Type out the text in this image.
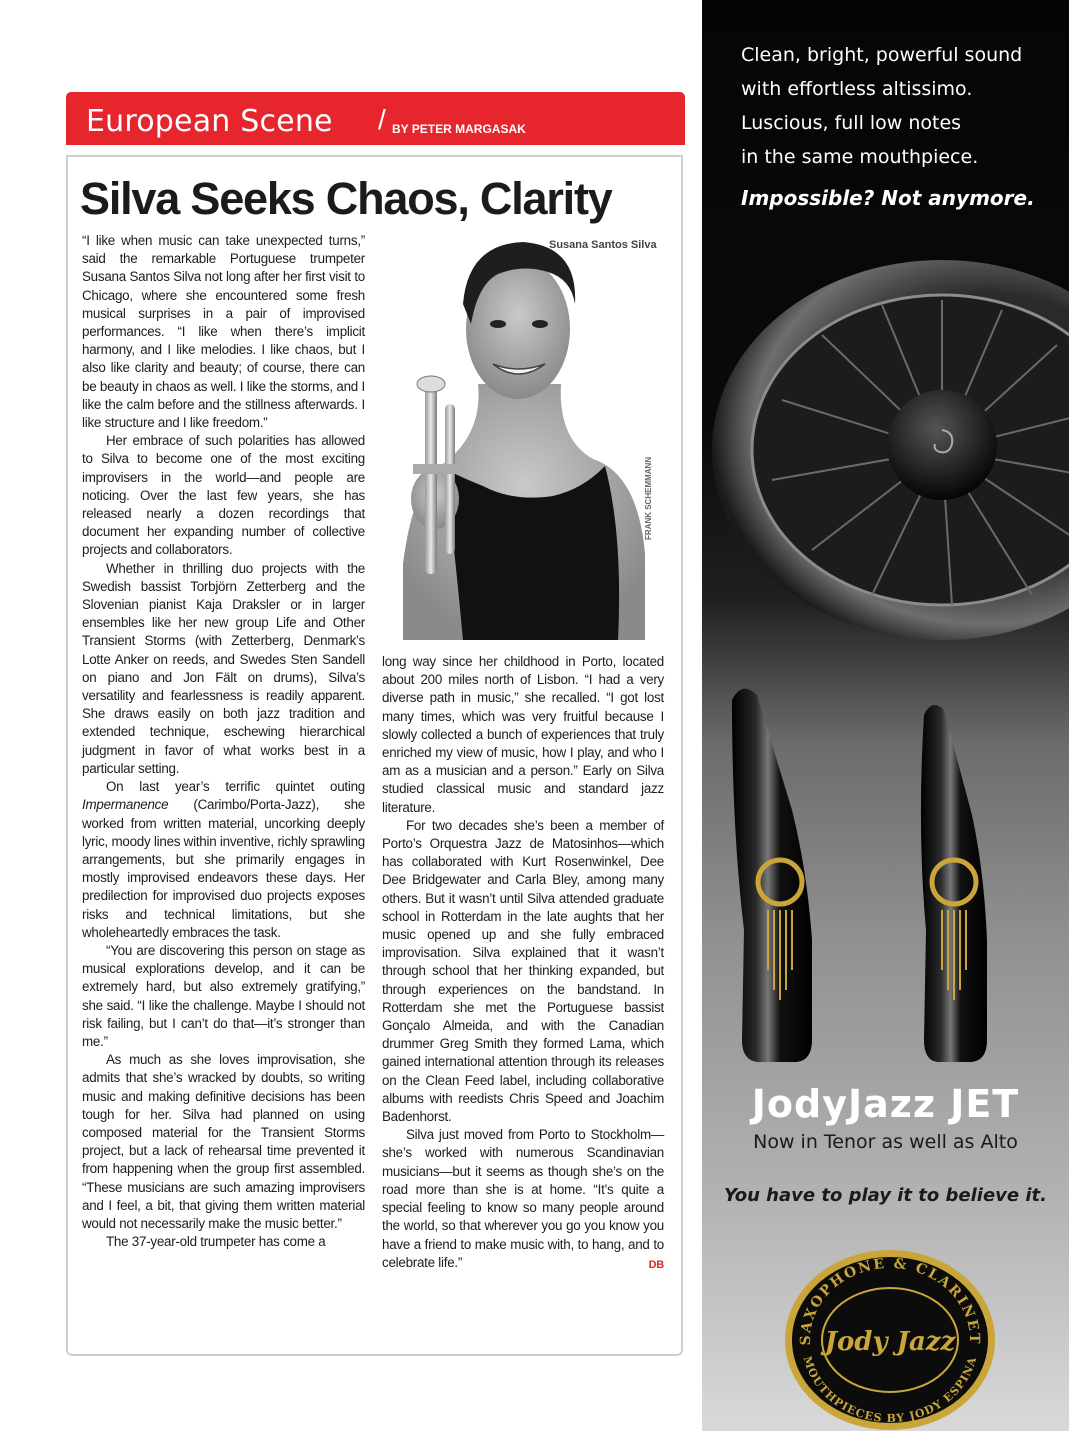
European Scene / BY PETER MARGASAK
Silva Seeks Chaos, Clarity
Susana Santos Silva
FRANK SCHEMMANN

“I like when music can take unexpected turns,” said the remarkable Portuguese trumpeter Susana Santos Silva not long after her first visit to Chicago, where she encountered some fresh musical surprises in a pair of improvised performances. “I like when there’s implicit harmony, and I like melodies. I like chaos, but I also like clarity and beauty; of course, there can be beauty in chaos as well. I like the storms, and I like the calm before and the stillness afterwards. I like structure and I like freedom.”

Her embrace of such polarities has allowed to Silva to become one of the most exciting improvisers in the world—and people are noticing. Over the last few years, she has released nearly a dozen recordings that document her expanding number of collective projects and collaborators.

Whether in thrilling duo projects with the Swedish bassist Torbjörn Zetterberg and the Slovenian pianist Kaja Draksler or in larger ensembles like her new group Life and Other Transient Storms (with Zetterberg, Denmark’s Lotte Anker on reeds, and Swedes Sten Sandell on piano and Jon Fält on drums), Silva’s versatility and fearlessness is readily apparent. She draws easily on both jazz tradition and extended technique, eschewing hierarchical judgment in favor of what works best in a particular setting.

On last year’s terrific quintet outing Impermanence (Carimbo/Porta-Jazz), she worked from written material, uncorking deeply lyric, moody lines within inventive, richly sprawling arrangements, but she primarily engages in mostly improvised endeavors these days. Her predilection for improvised duo projects exposes risks and technical limitations, but she wholeheartedly embraces the task.

“You are discovering this person on stage as musical explorations develop, and it can be extremely hard, but also extremely gratifying,” she said. “I like the challenge. Maybe I should not risk failing, but I can’t do that—it’s stronger than me.”

As much as she loves improvisation, she admits that she’s wracked by doubts, so writing music and making definitive decisions has been tough for her. Silva had planned on using composed material for the Transient Storms project, but a lack of rehearsal time prevented it from happening when the group first assembled. “These musicians are such amazing improvisers and I feel, a bit, that giving them written material would not necessarily make the music better.”

The 37-year-old trumpeter has come a

long way since her childhood in Porto, located about 200 miles north of Lisbon. “I had a very diverse path in music,” she recalled. “I got lost many times, which was very fruitful because I slowly collected a bunch of experiences that truly enriched my view of music, how I play, and who I am as a musician and a person.” Early on Silva studied classical music and standard jazz literature.

For two decades she’s been a member of Porto’s Orquestra Jazz de Matosinhos—which has collaborated with Kurt Rosenwinkel, Dee Dee Bridgewater and Carla Bley, among many others. But it wasn’t until Silva attended graduate school in Rotterdam in the late aughts that her music opened up and she fully embraced improvisation. Silva explained that it wasn’t through school that her thinking expanded, but through experiences on the bandstand. In Rotterdam she met the Portuguese bassist Gonçalo Almeida, and with the Canadian drummer Greg Smith they formed Lama, which gained international attention through its releases on the Clean Feed label, including collaborative albums with reedists Chris Speed and Joachim Badenhorst.

Silva just moved from Porto to Stockholm—she’s worked with numerous Scandinavian musicians—but it seems as though she’s on the road more than she is at home. “It’s quite a special feeling to know so many people around the world, so that wherever you go you know you have a friend to make music with, to hang, and to celebrate life.”	DB

Clean, bright, powerful sound
with effortless altissimo.
Luscious, full low notes
in the same mouthpiece.
Impossible? Not anymore.
JodyJazz JET
Now in Tenor as well as Alto
You have to play it to believe it.
SAXOPHONE & CLARINET
MOUTHPIECES BY JODY ESPINA
Jody Jazz
